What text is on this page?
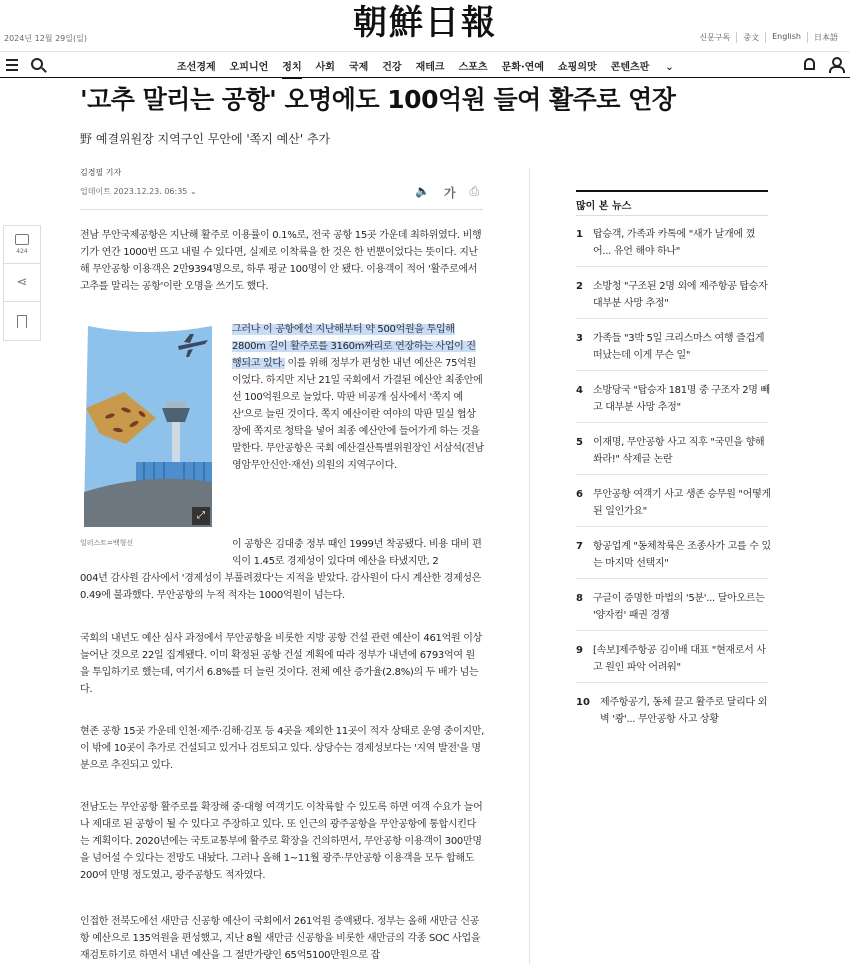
2024년 12월 29일(일)	朝鮮日報	신문구독	중文	English	日本語
조선경제 오피니언 정치 사회 국제 건강 재테크 스포츠 문화·연예 쇼핑의맛 콘텐츠판 ⌄
'고추 말리는 공항' 오명에도 100억원 들여 활주로 연장
野 예결위원장 지역구인 무안에 '쪽지 예산' 추가
김경필 기자
업데이트 2023.12.23. 06:35 ⌄	🔈 가 ⎙
424
⋖

전남 무안국제공항은 지난해 활주로 이용률이 0.1%로, 전국 공항 15곳 가운데 최하위였다. 비행기가 연간 1000번 뜨고 내릴 수 있다면, 실제로 이착륙을 한 것은 한 번뿐이었다는 뜻이다. 지난해 무안공항 이용객은 2만9394명으로, 하루 평균 100명이 안 됐다. 이용객이 적어 '활주로에서 고추를 말리는 공항'이란 오명을 쓰기도 했다.

⤢
일러스트=백형선

그러나 이 공항에선 지난해부터 약 500억원을 투입해 2800m 길이 활주로를 3160m짜리로 연장하는 사업이 진행되고 있다. 이를 위해 정부가 편성한 내년 예산은 75억원이었다. 하지만 지난 21일 국회에서 가결된 예산안 최종안에선 100억원으로 늘었다. 막판 비공개 심사에서 '쪽지 예산'으로 늘린 것이다. 쪽지 예산이란 여야의 막판 밀실 협상장에 쪽지로 청탁을 넣어 최종 예산안에 들어가게 하는 것을 말한다. 무안공항은 국회 예산결산특별위원장인 서삼석(전남 영암무안신안·재선) 의원의 지역구이다.

이 공항은 김대중 정부 때인 1999년 착공됐다. 비용 대비 편익이 1.45로 경제성이 있다며 예산을 타냈지만, 2

004년 감사원 감사에서 '경제성이 부풀려졌다'는 지적을 받았다. 감사원이 다시 계산한 경제성은 0.49에 불과했다. 무안공항의 누적 적자는 1000억원이 넘는다.

국회의 내년도 예산 심사 과정에서 무안공항을 비롯한 지방 공항 건설 관련 예산이 461억원 이상 늘어난 것으로 22일 집계됐다. 이미 확정된 공항 건설 계획에 따라 정부가 내년에 6793억여 원을 투입하기로 했는데, 여기서 6.8%를 더 늘린 것이다. 전체 예산 증가율(2.8%)의 두 배가 넘는다.

현존 공항 15곳 가운데 인천·제주·김해·김포 등 4곳을 제외한 11곳이 적자 상태로 운영 중이지만, 이 밖에 10곳이 추가로 건설되고 있거나 검토되고 있다. 상당수는 경제성보다는 '지역 발전'을 명분으로 추진되고 있다.

전남도는 무안공항 활주로를 확장해 중·대형 여객기도 이착륙할 수 있도록 하면 여객 수요가 늘어나 제대로 된 공항이 될 수 있다고 주장하고 있다. 또 인근의 광주공항을 무안공항에 통합시킨다는 계획이다. 2020년에는 국토교통부에 활주로 확장을 건의하면서, 무안공항 이용객이 300만명을 넘어설 수 있다는 전망도 내놨다. 그러나 올해 1~11월 광주·무안공항 이용객을 모두 합해도 200여 만명 정도였고, 광주공항도 적자였다.

인접한 전북도에선 새만금 신공항 예산이 국회에서 261억원 증액됐다. 정부는 올해 새만금 신공항 예산으로 135억원을 편성했고, 지난 8월 새만금 신공항을 비롯한 새만금의 각종 SOC 사업을 재검토하기로 하면서 내년 예산을 그 절반가량인 65억5100만원으로 잡

많이 본 뉴스
1 탑승객, 가족과 카톡에 "새가 날개에 꼈어... 유언 해야 하나"
2 소방청 "구조된 2명 외에 제주항공 탑승자 대부분 사망 추정"
3 가족들 "3박 5일 크리스마스 여행 즐겁게 떠났는데 이게 무슨 일"
4 소방당국 "탑승자 181명 중 구조자 2명 빼고 대부분 사망 추정"
5 이재명, 무안공항 사고 직후 "국민을 향해 쏴라!" 삭제글 논란
6 무안공항 여객기 사고 생존 승무원 "어떻게 된 일인가요"
7 항공업계 "동체착륙은 조종사가 고를 수 있는 마지막 선택지"
8 구글이 증명한 마법의 '5분'... 달아오르는 '양자컴' 패권 경쟁
9 [속보]제주항공 김이배 대표 "현재로서 사고 원인 파악 어려워"
10 제주항공기, 동체 끌고 활주로 달리다 외벽 '쾅'... 무안공항 사고 상황
